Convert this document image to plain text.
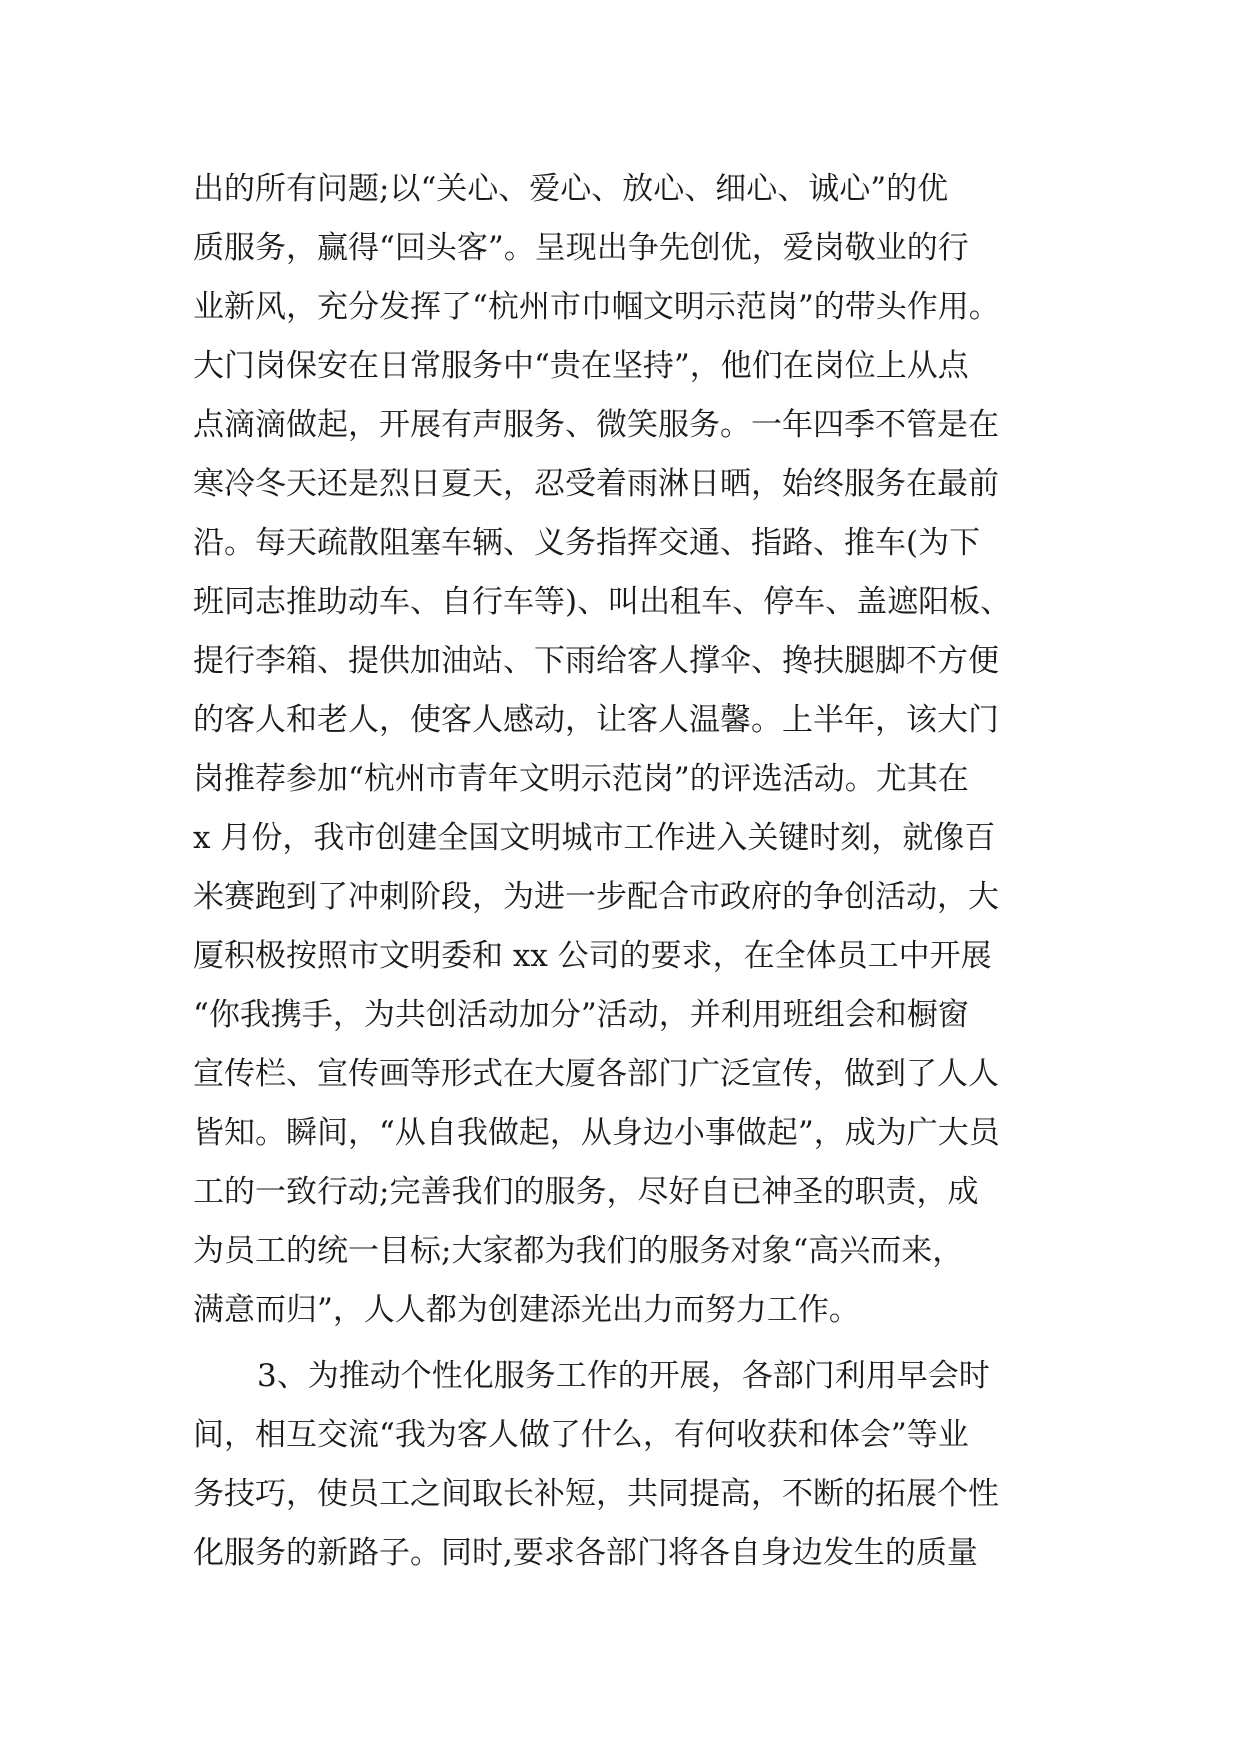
出的所有问题;以“关心、爱心、放心、细心、诚心”的优
质服务，赢得“回头客”。呈现出争先创优，爱岗敬业的行
业新风，充分发挥了“杭州市巾帼文明示范岗”的带头作用。
大门岗保安在日常服务中“贵在坚持”，他们在岗位上从点
点滴滴做起，开展有声服务、微笑服务。一年四季不管是在
寒冷冬天还是烈日夏天，忍受着雨淋日晒，始终服务在最前
沿。每天疏散阻塞车辆、义务指挥交通、指路、推车(为下
班同志推助动车、自行车等)、叫出租车、停车、盖遮阳板、
提行李箱、提供加油站、下雨给客人撑伞、搀扶腿脚不方便
的客人和老人，使客人感动，让客人温馨。上半年，该大门
岗推荐参加“杭州市青年文明示范岗”的评选活动。尤其在
x 月份，我市创建全国文明城市工作进入关键时刻，就像百
米赛跑到了冲刺阶段，为进一步配合市政府的争创活动，大
厦积极按照市文明委和 xx 公司的要求，在全体员工中开展
“你我携手，为共创活动加分”活动，并利用班组会和橱窗
宣传栏、宣传画等形式在大厦各部门广泛宣传，做到了人人
皆知。瞬间，“从自我做起，从身边小事做起”，成为广大员
工的一致行动;完善我们的服务，尽好自已神圣的职责，成
为员工的统一目标;大家都为我们的服务对象“高兴而来，
满意而归”，人人都为创建添光出力而努力工作。
3、为推动个性化服务工作的开展，各部门利用早会时
间，相互交流“我为客人做了什么，有何收获和体会”等业
务技巧，使员工之间取长补短，共同提高，不断的拓展个性
化服务的新路子。同时,要求各部门将各自身边发生的质量
